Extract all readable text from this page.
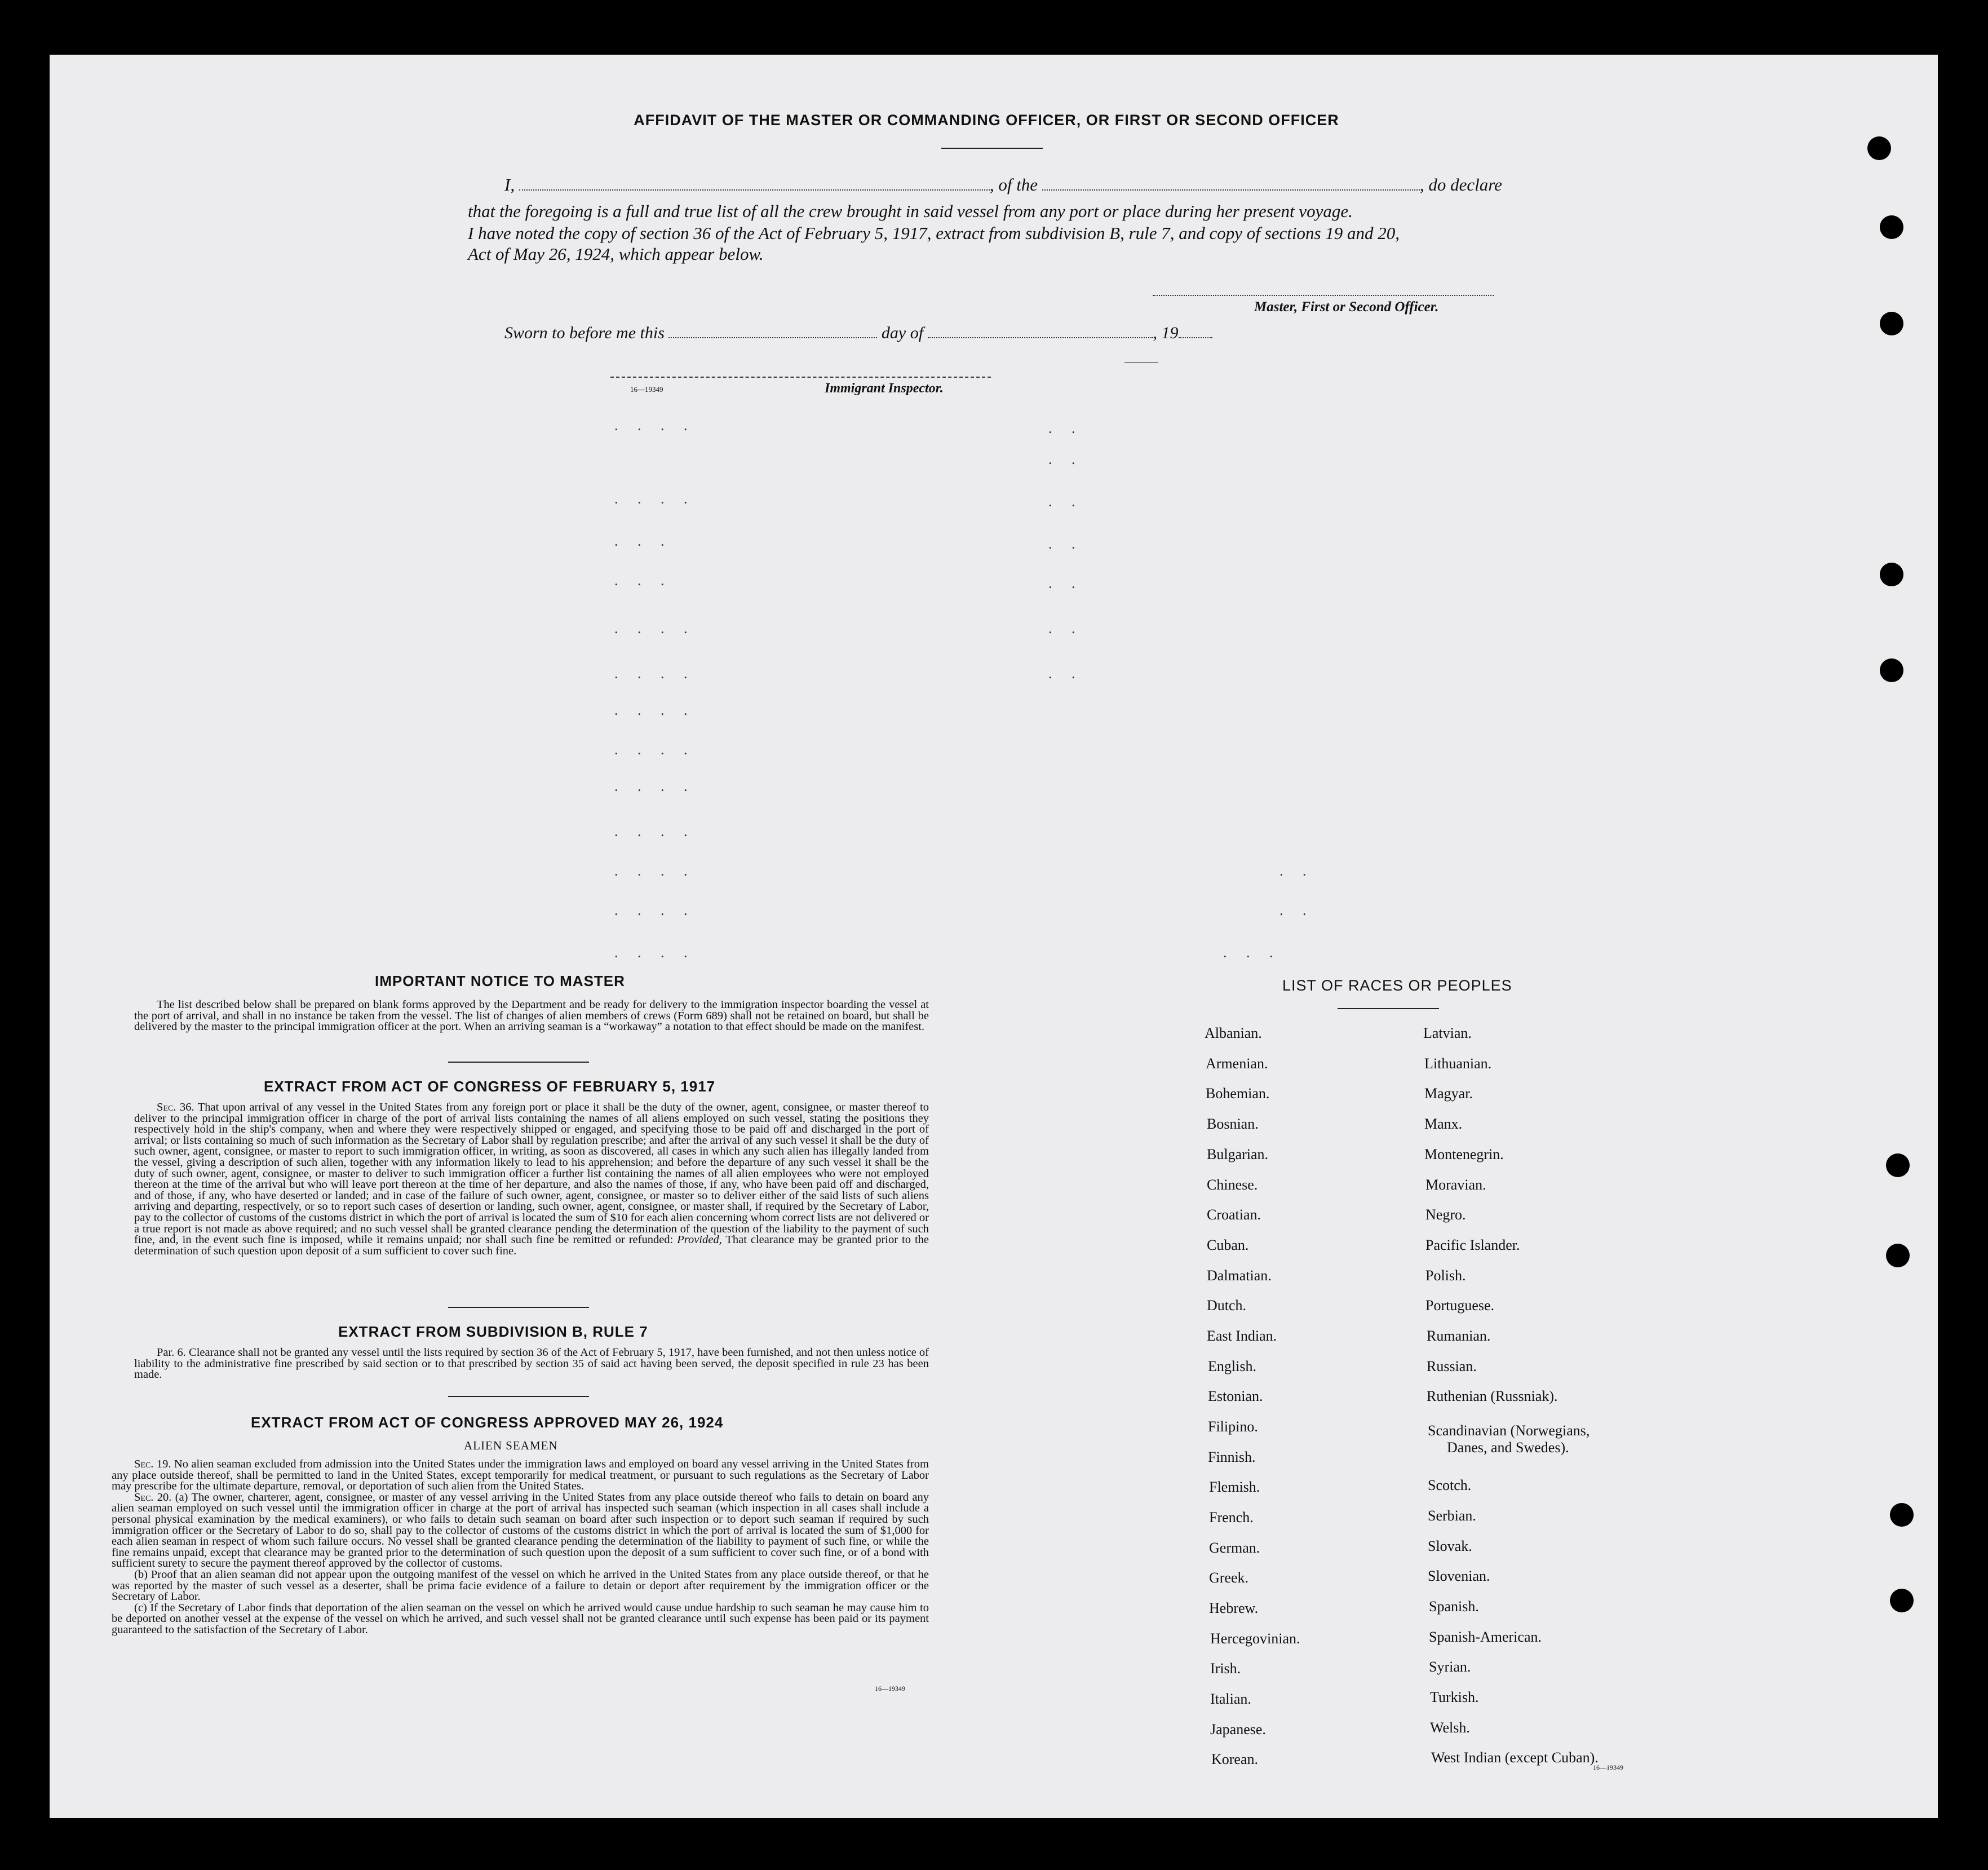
AFFIDAVIT OF THE MASTER OR COMMANDING OFFICER, OR FIRST OR SECOND OFFICER
I,	, of the	, do declare
that the foregoing is a full and true list of all the crew brought in said vessel from any port or place during her present voyage.
I have noted the copy of section 36 of the Act of February 5, 1917, extract from subdivision B, rule 7, and copy of sections 19 and 20,
Act of May 26, 1924, which appear below.
Master, First or Second Officer.
Sworn to before me this	day of	, 19
16—19349	Immigrant Inspector.
. . . .	. .
. .
. . . .	. .
. . .	. .
. . .	. .
. . . .	. .
. . . .	. .
. . . .
. . . .
. . . .
. . . .
. . . .
. . . .
. . . .
. .
. .
. . .
IMPORTANT NOTICE TO MASTER

The list described below shall be prepared on blank forms approved by the Department and be ready for delivery to the immigration inspector boarding the vessel at the port of arrival, and shall in no instance be taken from the vessel. The list of changes of alien members of crews (Form 689) shall not be retained on board, but shall be delivered by the master to the principal immigration officer at the port. When an arriving seaman is a “workaway” a notation to that effect should be made on the manifest.

EXTRACT FROM ACT OF CONGRESS OF FEBRUARY 5, 1917

Sec. 36. That upon arrival of any vessel in the United States from any foreign port or place it shall be the duty of the owner, agent, consignee, or master thereof to deliver to the principal immigration officer in charge of the port of arrival lists containing the names of all aliens employed on such vessel, stating the positions they respectively hold in the ship's company, when and where they were respectively shipped or engaged, and specifying those to be paid off and discharged in the port of arrival; or lists containing so much of such information as the Secretary of Labor shall by regulation prescribe; and after the arrival of any such vessel it shall be the duty of such owner, agent, consignee, or master to report to such immigration officer, in writing, as soon as discovered, all cases in which any such alien has illegally landed from the vessel, giving a description of such alien, together with any information likely to lead to his apprehension; and before the departure of any such vessel it shall be the duty of such owner, agent, consignee, or master to deliver to such immigration officer a further list containing the names of all alien employees who were not employed thereon at the time of the arrival but who will leave port thereon at the time of her departure, and also the names of those, if any, who have been paid off and discharged, and of those, if any, who have deserted or landed; and in case of the failure of such owner, agent, consignee, or master so to deliver either of the said lists of such aliens arriving and departing, respectively, or so to report such cases of desertion or landing, such owner, agent, consignee, or master shall, if required by the Secretary of Labor, pay to the collector of customs of the customs district in which the port of arrival is located the sum of $10 for each alien concerning whom correct lists are not delivered or a true report is not made as above required; and no such vessel shall be granted clearance pending the determination of the question of the liability to the payment of such fine, and, in the event such fine is imposed, while it remains unpaid; nor shall such fine be remitted or refunded: Provided, That clearance may be granted prior to the determination of such question upon deposit of a sum sufficient to cover such fine.

EXTRACT FROM SUBDIVISION B, RULE 7

Par. 6. Clearance shall not be granted any vessel until the lists required by section 36 of the Act of February 5, 1917, have been furnished, and not then unless notice of liability to the administrative fine prescribed by said section or to that prescribed by section 35 of said act having been served, the deposit specified in rule 23 has been made.

EXTRACT FROM ACT OF CONGRESS APPROVED MAY 26, 1924
ALIEN SEAMEN

Sec. 19. No alien seaman excluded from admission into the United States under the immigration laws and employed on board any vessel arriving in the United States from any place outside thereof, shall be permitted to land in the United States, except temporarily for medical treatment, or pursuant to such regulations as the Secretary of Labor may prescribe for the ultimate departure, removal, or deportation of such alien from the United States.

Sec. 20. (a) The owner, charterer, agent, consignee, or master of any vessel arriving in the United States from any place outside thereof who fails to detain on board any alien seaman employed on such vessel until the immigration officer in charge at the port of arrival has inspected such seaman (which inspection in all cases shall include a personal physical examination by the medical examiners), or who fails to detain such seaman on board after such inspection or to deport such seaman if required by such immigration officer or the Secretary of Labor to do so, shall pay to the collector of customs of the customs district in which the port of arrival is located the sum of $1,000 for each alien seaman in respect of whom such failure occurs. No vessel shall be granted clearance pending the determination of the liability to payment of such fine, or while the fine remains unpaid, except that clearance may be granted prior to the determination of such question upon the deposit of a sum sufficient to cover such fine, or of a bond with sufficient surety to secure the payment thereof approved by the collector of customs.

(b) Proof that an alien seaman did not appear upon the outgoing manifest of the vessel on which he arrived in the United States from any place outside thereof, or that he was reported by the master of such vessel as a deserter, shall be prima facie evidence of a failure to detain or deport after requirement by the immigration officer or the Secretary of Labor.

(c) If the Secretary of Labor finds that deportation of the alien seaman on the vessel on which he arrived would cause undue hardship to such seaman he may cause him to be deported on another vessel at the expense of the vessel on which he arrived, and such vessel shall not be granted clearance until such expense has been paid or its payment guaranteed to the satisfaction of the Secretary of Labor.

16—19349
LIST OF RACES OR PEOPLES
Albanian.
Armenian.
Bohemian.
Bosnian.
Bulgarian.
Chinese.
Croatian.
Cuban.
Dalmatian.
Dutch.
East Indian.
English.
Estonian.
Filipino.
Finnish.
Flemish.
French.
German.
Greek.
Hebrew.
Hercegovinian.
Irish.
Italian.
Japanese.
Korean.
Latvian.
Lithuanian.
Magyar.
Manx.
Montenegrin.
Moravian.
Negro.
Pacific Islander.
Polish.
Portuguese.
Rumanian.
Russian.
Ruthenian (Russniak).
Scandinavian (Norwegians,
Danes, and Swedes).
Scotch.
Serbian.
Slovak.
Slovenian.
Spanish.
Spanish-American.
Syrian.
Turkish.
Welsh.
West Indian (except Cuban).
16—19349
